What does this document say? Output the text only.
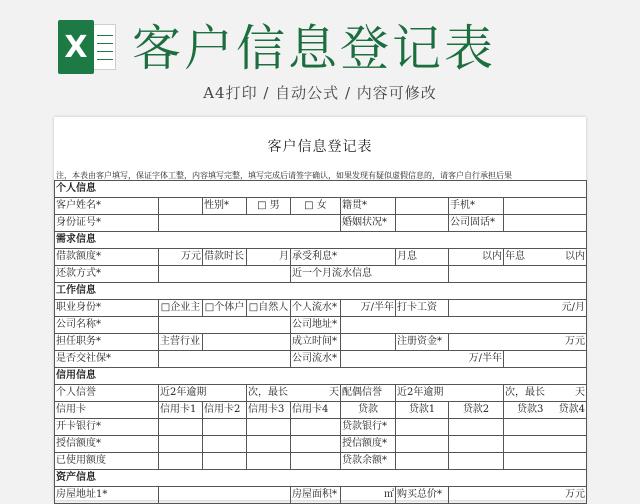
X 客户信息登记表
A4打印 / 自动公式 / 内容可修改
客户信息登记表
注，本表由客户填写，保证字体工整，内容填写完整，填写完成后请签字确认，如果发现有疑似虚假信息的，请客户自行承担后果
个人信息								
客户姓名*		性别*	□ 男	□ 女	籍贯*		手机*	
身份证号*					婚姻状况*		公司固话*	
需求信息								
借款额度*	万元	借款时长	月	承受利息*		月息	以内	年息 以内

还款方式*				近一个月流水信息				
工作信息								
职业身份*	□企业主	□个体户	□自然人	个人流水*	万/半年	打卡工资	元/月	
公司名称*				公司地址*				
担任职务*	主营行业			成立时间*		注册资金*	万元	
是否交社保*				公司流水*	万/半年			
信用信息								
个人信誉	近2年逾期		次，最长 天		配偶信誉	近2年逾期		次，最长 天

信用卡	信用卡1	信用卡2	信用卡3	信用卡4	贷款	贷款1	贷款2	贷款3 贷款4

开卡银行*					贷款银行*			
授信额度*					授信额度*			
已使用额度					贷款余额*			
资产信息								
房屋地址1*				房屋面积*	㎡	购买总价*	万元	
